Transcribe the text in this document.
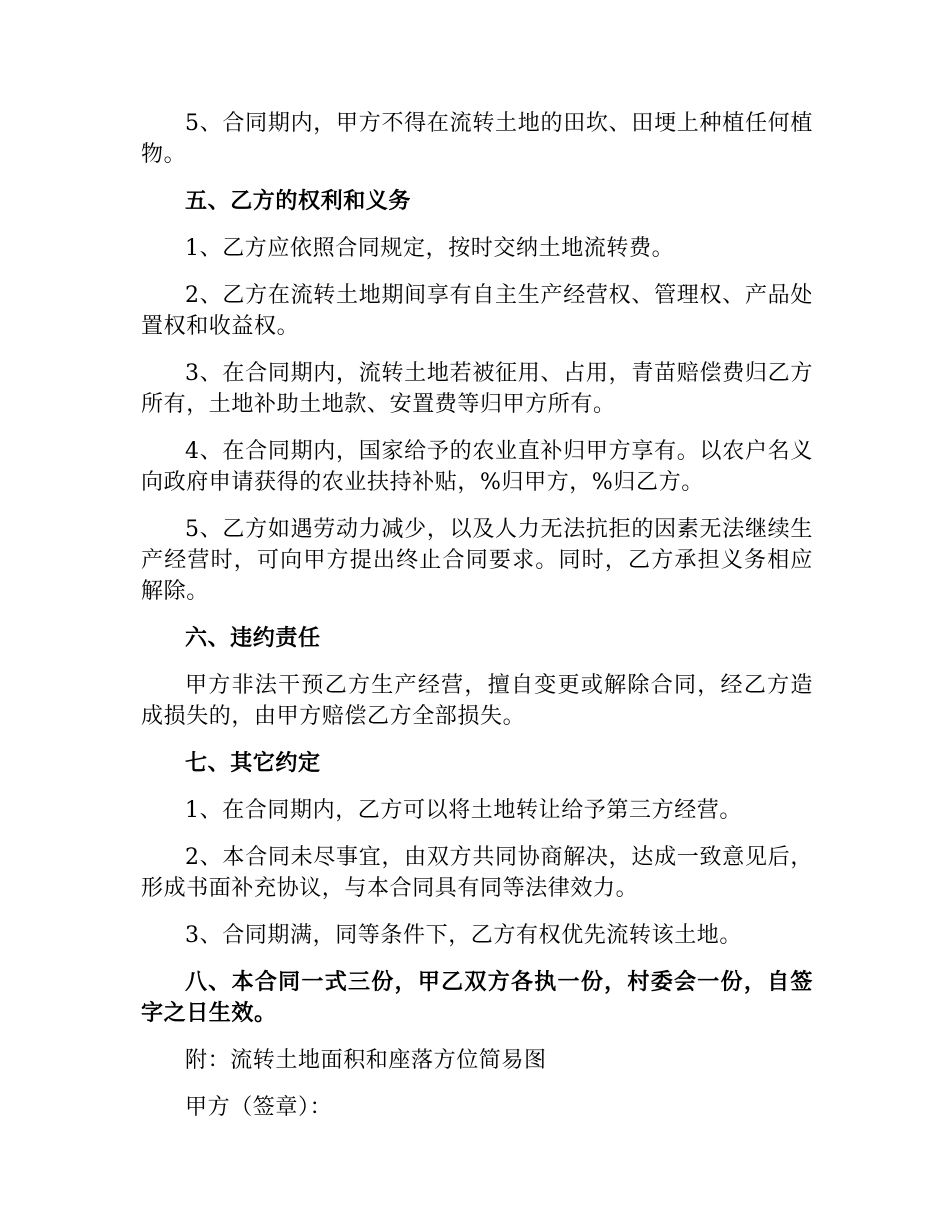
5、合同期内，甲方不得在流转土地的田坎、田埂上种植任何植物。

五、乙方的权利和义务

1、乙方应依照合同规定，按时交纳土地流转费。

2、乙方在流转土地期间享有自主生产经营权、管理权、产品处置权和收益权。

3、在合同期内，流转土地若被征用、占用，青苗赔偿费归乙方所有，土地补助土地款、安置费等归甲方所有。

4、在合同期内，国家给予的农业直补归甲方享有。以农户名义向政府申请获得的农业扶持补贴，%归甲方，%归乙方。

5、乙方如遇劳动力减少，以及人力无法抗拒的因素无法继续生产经营时，可向甲方提出终止合同要求。同时，乙方承担义务相应解除。

六、违约责任

甲方非法干预乙方生产经营，擅自变更或解除合同，经乙方造成损失的，由甲方赔偿乙方全部损失。

七、其它约定

1、在合同期内，乙方可以将土地转让给予第三方经营。

2、本合同未尽事宜，由双方共同协商解决，达成一致意见后，形成书面补充协议，与本合同具有同等法律效力。

3、合同期满，同等条件下，乙方有权优先流转该土地。

八、本合同一式三份，甲乙双方各执一份，村委会一份，自签字之日生效。

附：流转土地面积和座落方位简易图

甲方（签章）：
